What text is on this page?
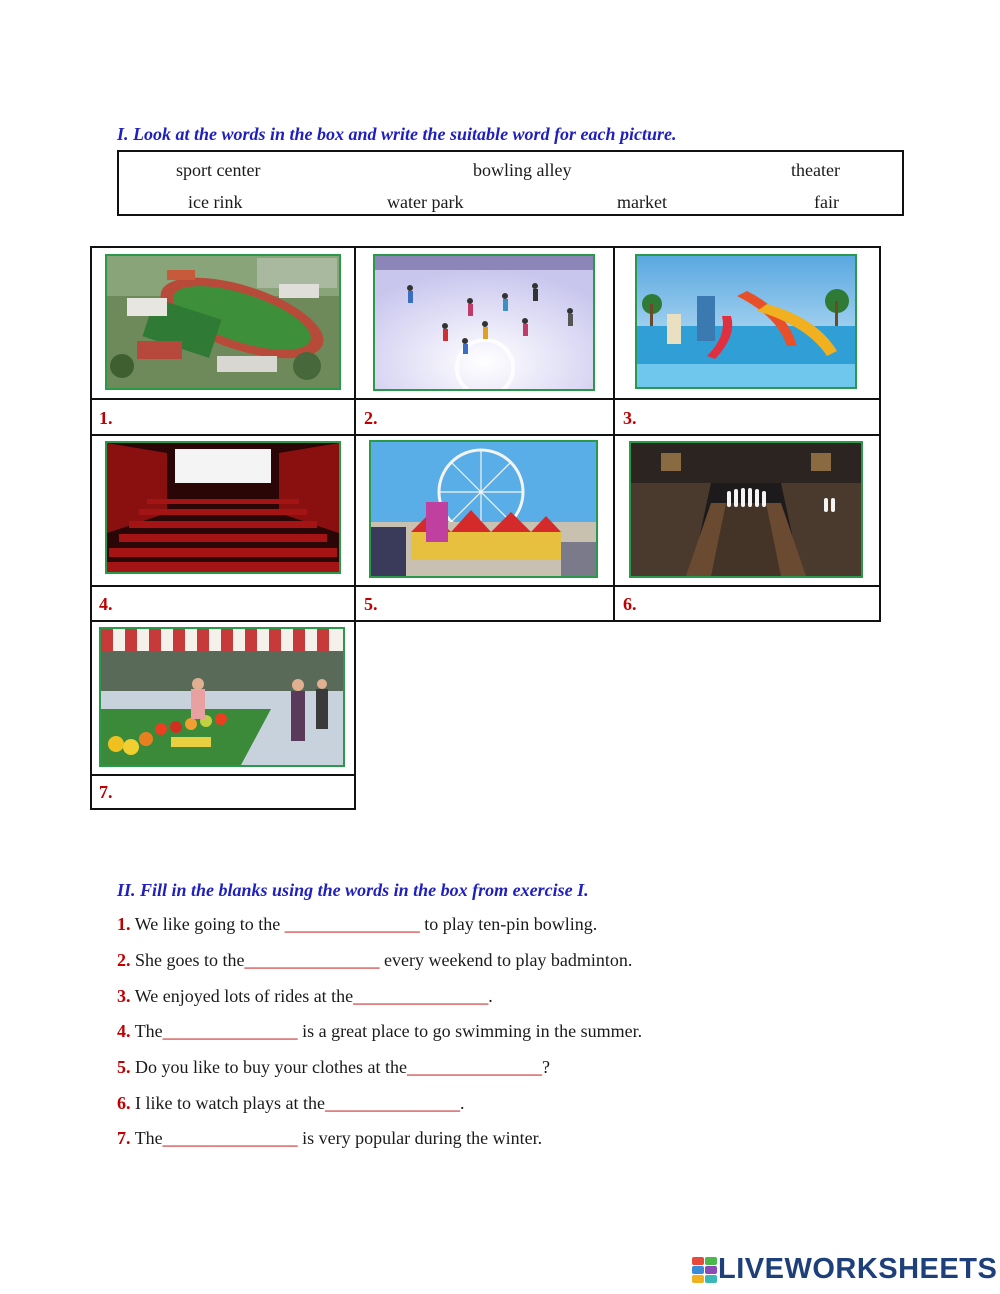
I. Look at the words in the box and write the suitable word for each picture.
sport center	bowling alley	theater
ice rink	water park	market	fair
1.	2.	3.
4.	5.	6.
7.
II. Fill in the blanks using the words in the box from exercise I.
1. We like going to the _______________ to play ten-pin bowling.
2. She goes to the_______________ every weekend to play badminton.
3. We enjoyed lots of rides at the_______________.
4. The_______________ is a great place to go swimming in the summer.
5. Do you like to buy your clothes at the_______________?
6. I like to watch plays at the_______________.
7. The_______________ is very popular during the winter.
LIVEWORKSHEETS
